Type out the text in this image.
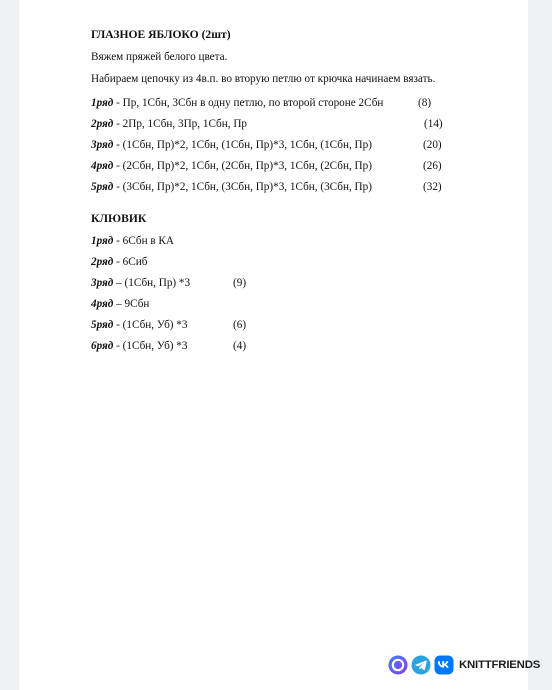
ГЛАЗНОЕ ЯБЛОКО (2шт)
Вяжем пряжей белого цвета.
Набираем цепочку из 4в.п. во вторую петлю от крючка начинаем вязать.
1ряд - Пр, 1Сбн, 3Сбн в одну петлю, по второй стороне 2Сбн	(8)
2ряд - 2Пр, 1Сбн, 3Пр, 1Сбн, Пр	(14)
3ряд - (1Сбн, Пр)*2, 1Сбн, (1Сбн, Пр)*3, 1Сбн, (1Сбн, Пр)	(20)
4ряд - (2Сбн, Пр)*2, 1Сбн, (2Сбн, Пр)*3, 1Сбн, (2Сбн, Пр)	(26)
5ряд - (3Сбн, Пр)*2, 1Сбн, (3Сбн, Пр)*3, 1Сбн, (3Сбн, Пр)	(32)
КЛЮВИК
1ряд - 6Сбн в КА
2ряд - 6Сиб
3ряд – (1Сбн, Пр) *3	(9)
4ряд – 9Сбн
5ряд - (1Сбн, Уб) *3	(6)
6ряд - (1Сбн, Уб) *3	(4)
KNITTFRIENDS
